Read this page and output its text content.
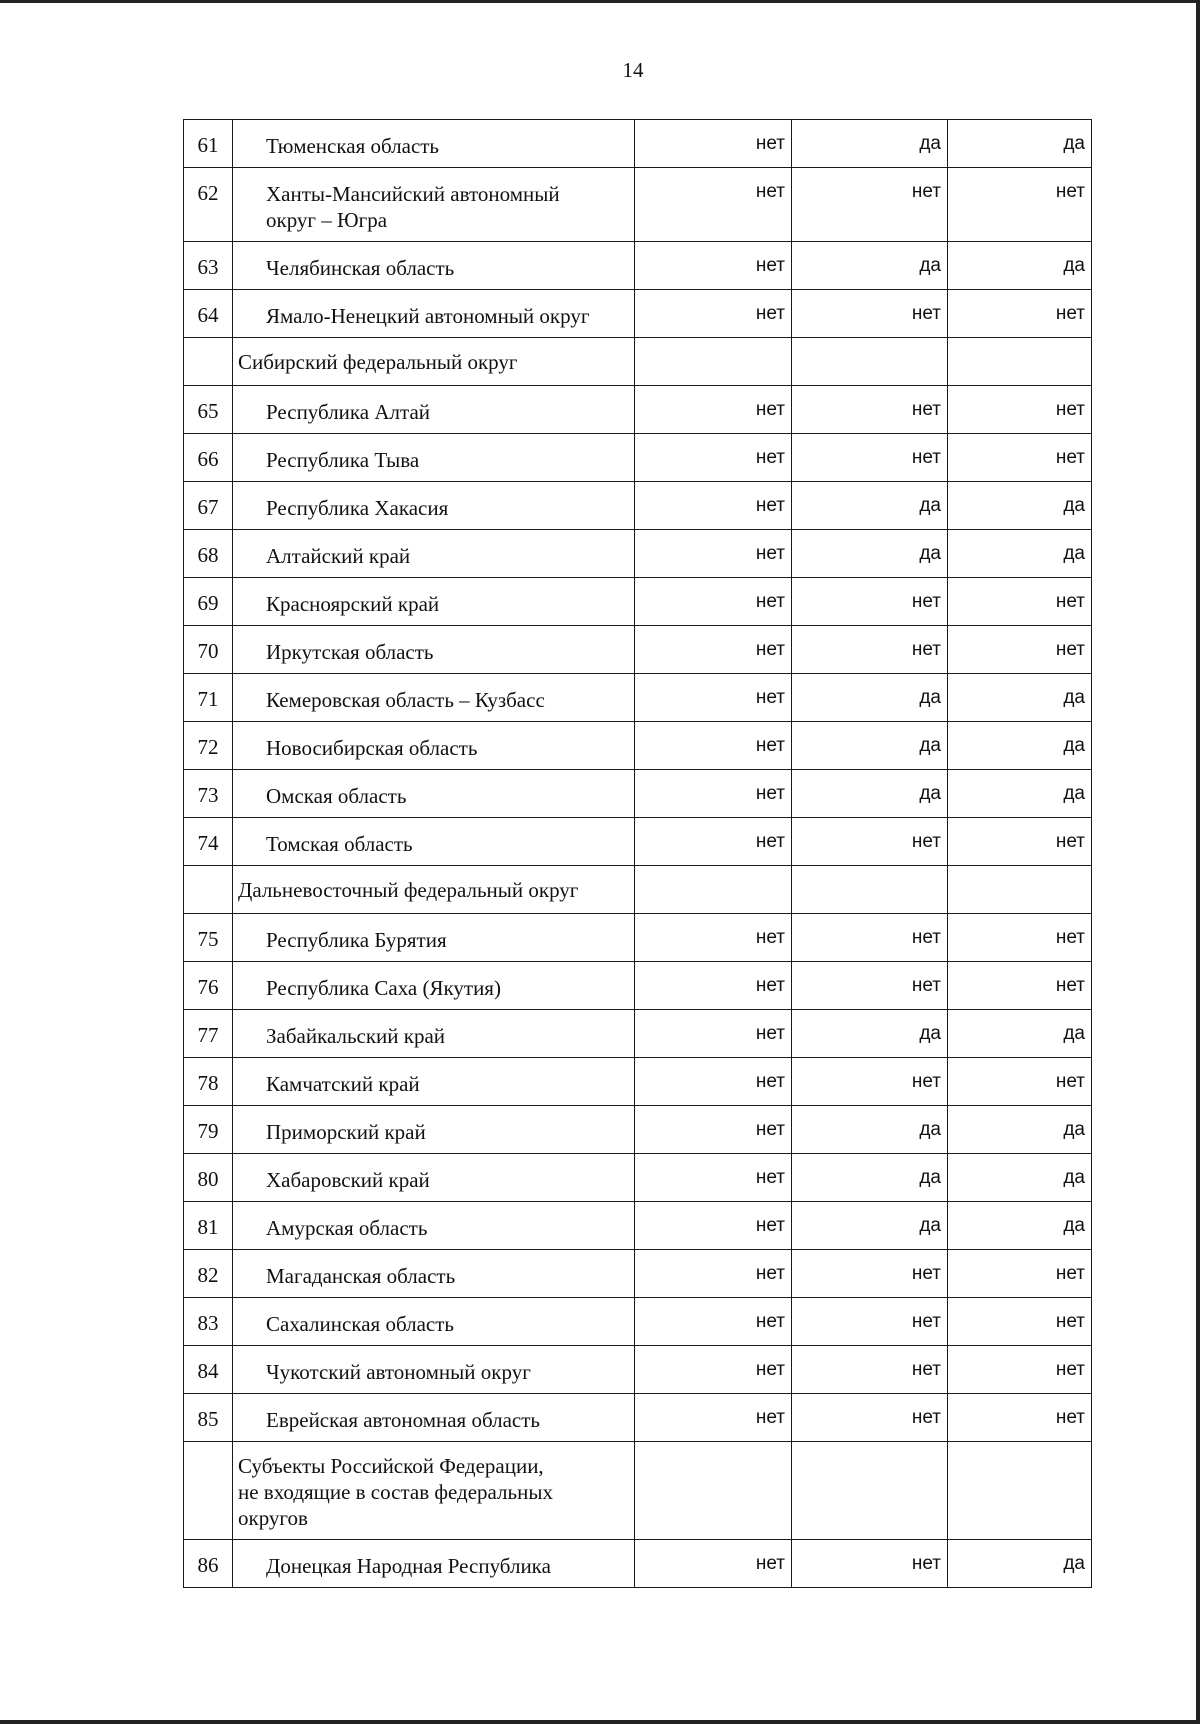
14
61	Тюменская область	нет	да	да
62	Ханты-Мансийский автономный
округ – Югра	нет	нет	нет
63	Челябинская область	нет	да	да
64	Ямало-Ненецкий автономный округ	нет	нет	нет
	Сибирский федеральный округ			
65	Республика Алтай	нет	нет	нет
66	Республика Тыва	нет	нет	нет
67	Республика Хакасия	нет	да	да
68	Алтайский край	нет	да	да
69	Красноярский край	нет	нет	нет
70	Иркутская область	нет	нет	нет
71	Кемеровская область – Кузбасс	нет	да	да
72	Новосибирская область	нет	да	да
73	Омская область	нет	да	да
74	Томская область	нет	нет	нет
	Дальневосточный федеральный округ			
75	Республика Бурятия	нет	нет	нет
76	Республика Саха (Якутия)	нет	нет	нет
77	Забайкальский край	нет	да	да
78	Камчатский край	нет	нет	нет
79	Приморский край	нет	да	да
80	Хабаровский край	нет	да	да
81	Амурская область	нет	да	да
82	Магаданская область	нет	нет	нет
83	Сахалинская область	нет	нет	нет
84	Чукотский автономный округ	нет	нет	нет
85	Еврейская автономная область	нет	нет	нет
	Субъекты Российской Федерации,
не входящие в состав федеральных
округов			
86	Донецкая Народная Республика	нет	нет	да
